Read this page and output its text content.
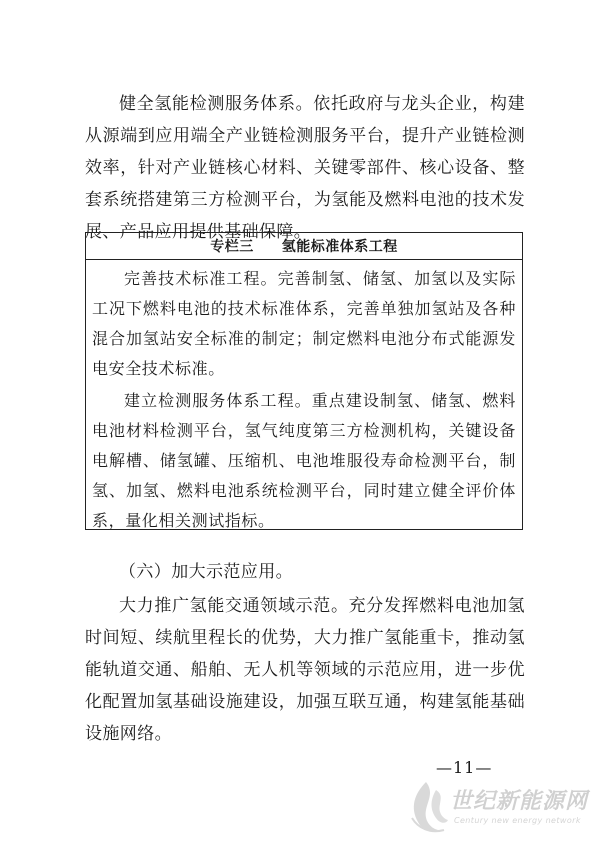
健全氢能检测服务体系。依托政府与龙头企业，构建从源端到应用端全产业链检测服务平台，提升产业链检测效率，针对产业链核心材料、关键零部件、核心设备、整套系统搭建第三方检测平台，为氢能及燃料电池的技术发展、产品应用提供基础保障。

专栏三 氢能标准体系工程

完善技术标准工程。完善制氢、储氢、加氢以及实际工况下燃料电池的技术标准体系，完善单独加氢站及各种混合加氢站安全标准的制定；制定燃料电池分布式能源发电安全技术标准。

建立检测服务体系工程。重点建设制氢、储氢、燃料电池材料检测平台，氢气纯度第三方检测机构，关键设备电解槽、储氢罐、压缩机、电池堆服役寿命检测平台，制氢、加氢、燃料电池系统检测平台，同时建立健全评价体系，量化相关测试指标。

（六）加大示范应用。

大力推广氢能交通领域示范。充分发挥燃料电池加氢时间短、续航里程长的优势，大力推广氢能重卡，推动氢能轨道交通、船舶、无人机等领域的示范应用，进一步优化配置加氢基础设施建设，加强互联互通，构建氢能基础设施网络。

—11—
世纪新能源网
Century new energy network
